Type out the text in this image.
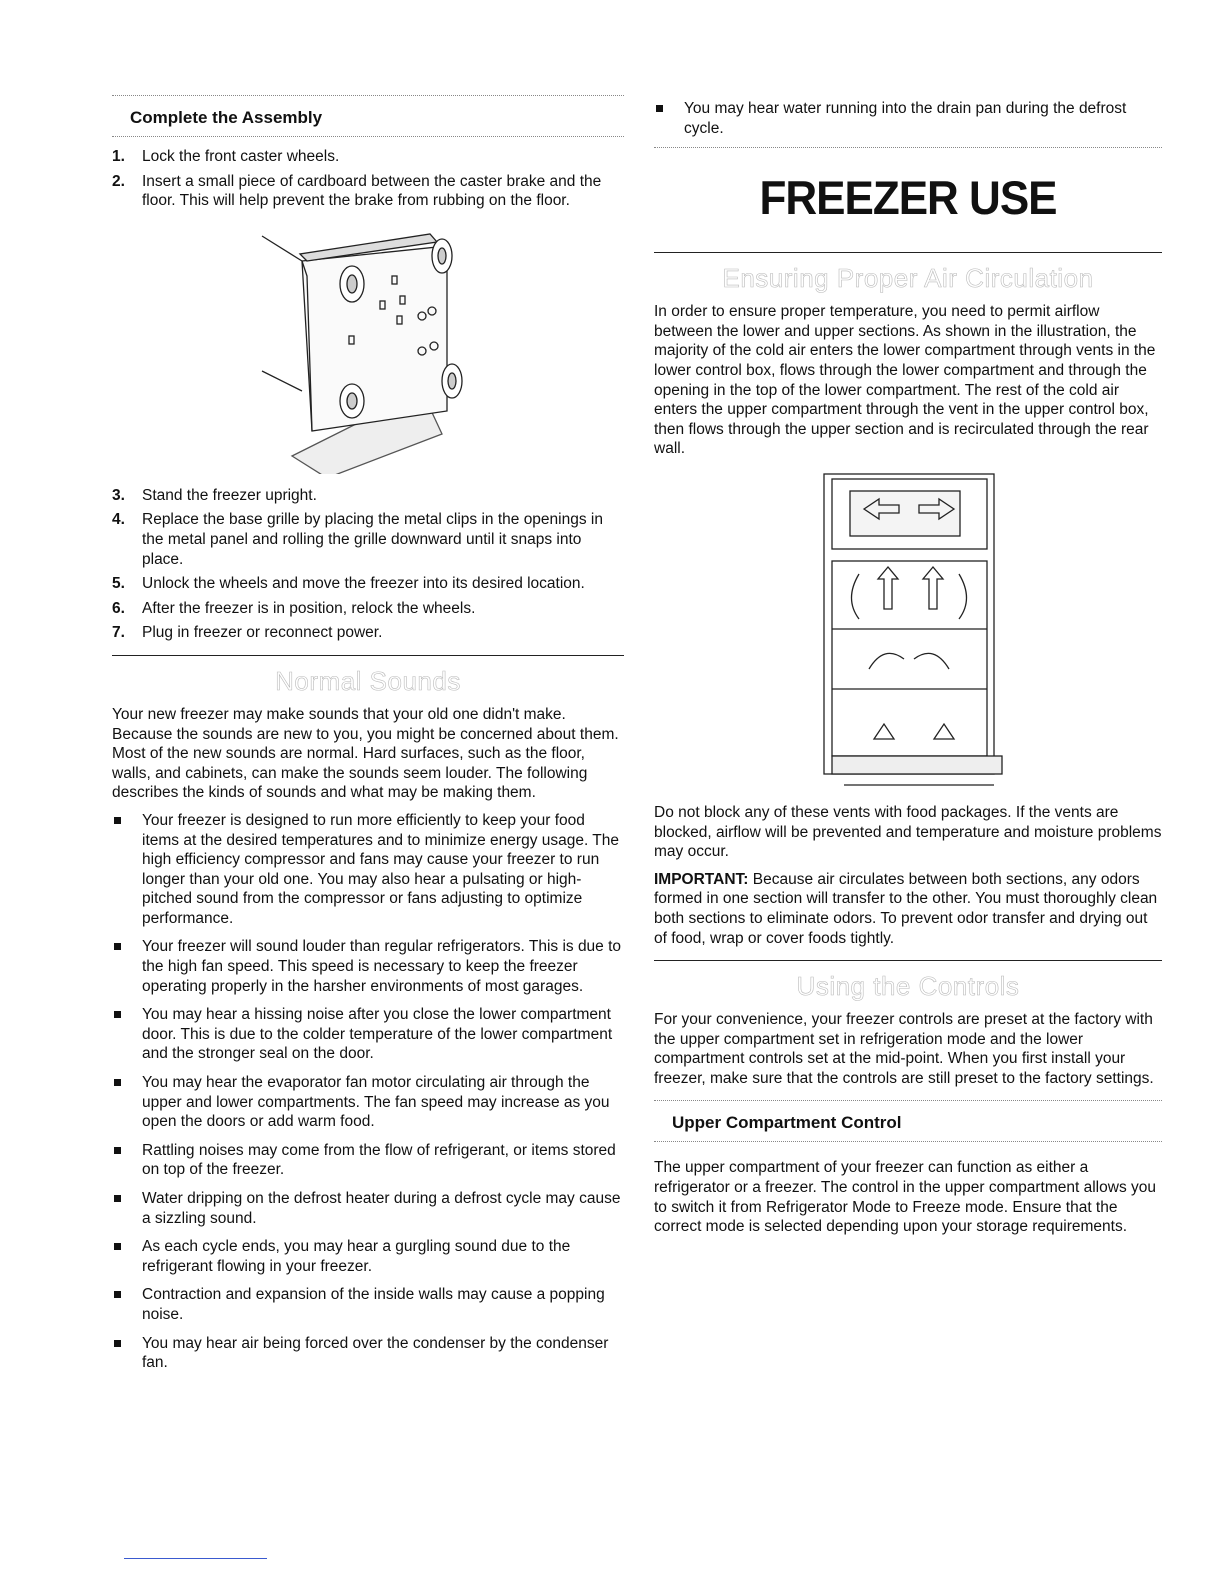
Complete the Assembly
1. Lock the front caster wheels.
2. Insert a small piece of cardboard between the caster brake and the floor. This will help prevent the brake from rubbing on the floor.
3. Stand the freezer upright.
4. Replace the base grille by placing the metal clips in the openings in the metal panel and rolling the grille downward until it snaps into place.
5. Unlock the wheels and move the freezer into its desired location.
6. After the freezer is in position, relock the wheels.
7. Plug in freezer or reconnect power.
Normal Sounds
Your new freezer may make sounds that your old one didn't make. Because the sounds are new to you, you might be concerned about them. Most of the new sounds are normal. Hard surfaces, such as the floor, walls, and cabinets, can make the sounds seem louder. The following describes the kinds of sounds and what may be making them.
Your freezer is designed to run more efficiently to keep your food items at the desired temperatures and to minimize energy usage. The high efficiency compressor and fans may cause your freezer to run longer than your old one. You may also hear a pulsating or high-pitched sound from the compressor or fans adjusting to optimize performance.
Your freezer will sound louder than regular refrigerators. This is due to the high fan speed. This speed is necessary to keep the freezer operating properly in the harsher environments of most garages.
You may hear a hissing noise after you close the lower compartment door. This is due to the colder temperature of the lower compartment and the stronger seal on the door.
You may hear the evaporator fan motor circulating air through the upper and lower compartments. The fan speed may increase as you open the doors or add warm food.
Rattling noises may come from the flow of refrigerant, or items stored on top of the freezer.
Water dripping on the defrost heater during a defrost cycle may cause a sizzling sound.
As each cycle ends, you may hear a gurgling sound due to the refrigerant flowing in your freezer.
Contraction and expansion of the inside walls may cause a popping noise.
You may hear air being forced over the condenser by the condenser fan.
You may hear water running into the drain pan during the defrost cycle.
FREEZER USE
Ensuring Proper Air Circulation
In order to ensure proper temperature, you need to permit airflow between the lower and upper sections. As shown in the illustration, the majority of the cold air enters the lower compartment through vents in the lower control box, flows through the lower compartment and through the opening in the top of the lower compartment. The rest of the cold air enters the upper compartment through the vent in the upper control box, then flows through the upper section and is recirculated through the rear wall.
Do not block any of these vents with food packages. If the vents are blocked, airflow will be prevented and temperature and moisture problems may occur.
IMPORTANT: Because air circulates between both sections, any odors formed in one section will transfer to the other. You must thoroughly clean both sections to eliminate odors. To prevent odor transfer and drying out of food, wrap or cover foods tightly.
Using the Controls
For your convenience, your freezer controls are preset at the factory with the upper compartment set in refrigeration mode and the lower compartment controls set at the mid-point. When you first install your freezer, make sure that the controls are still preset to the factory settings.
Upper Compartment Control
The upper compartment of your freezer can function as either a refrigerator or a freezer. The control in the upper compartment allows you to switch it from Refrigerator Mode to Freeze mode. Ensure that the correct mode is selected depending upon your storage requirements.
